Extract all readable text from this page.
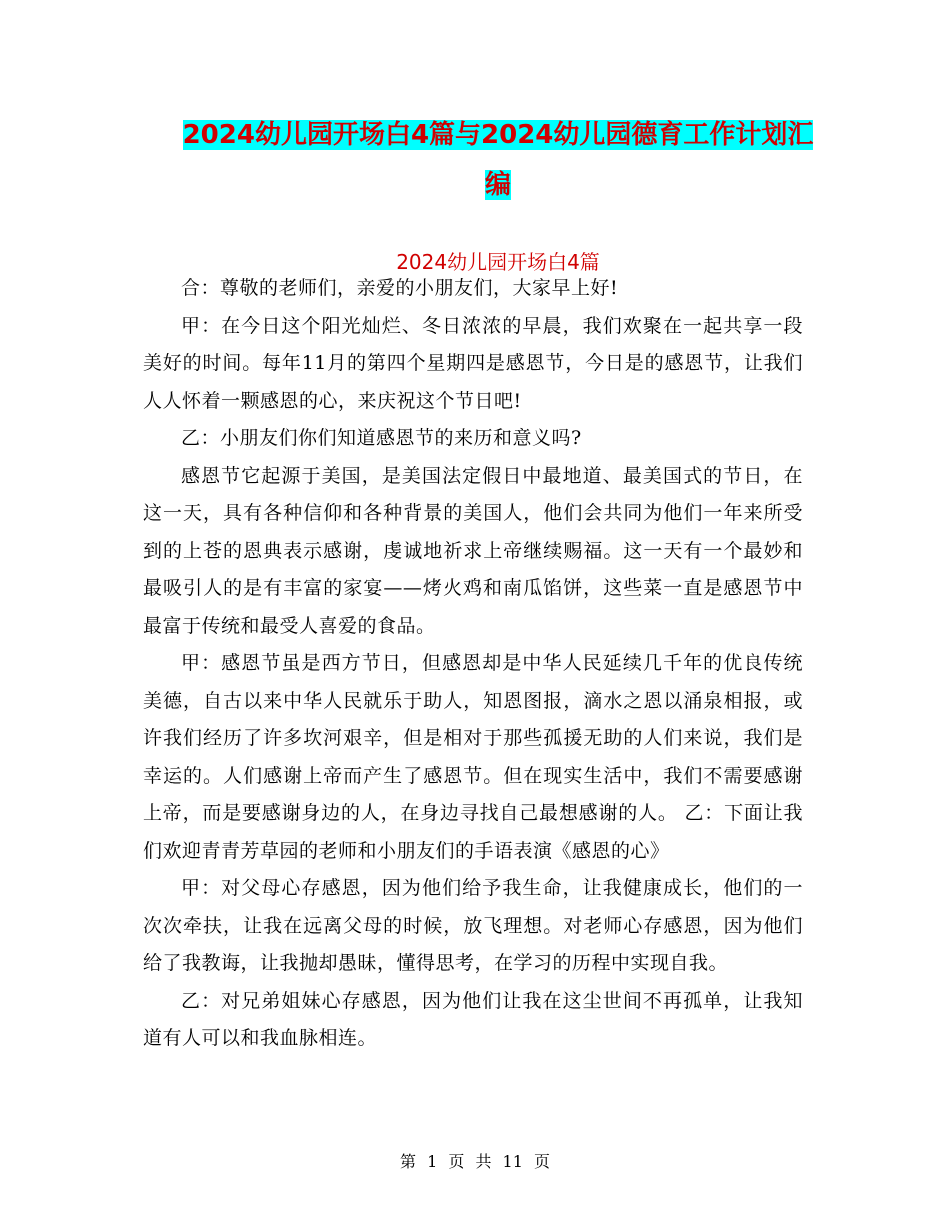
2024幼儿园开场白4篇与2024幼儿园德育工作计划汇
编
2024幼儿园开场白4篇

合：尊敬的老师们，亲爱的小朋友们，大家早上好!

甲：在今日这个阳光灿烂、冬日浓浓的早晨，我们欢聚在一起共享一段美好的时间。每年11月的第四个星期四是感恩节，今日是的感恩节，让我们人人怀着一颗感恩的心，来庆祝这个节日吧!

乙：小朋友们你们知道感恩节的来历和意义吗?

感恩节它起源于美国，是美国法定假日中最地道、最美国式的节日，在这一天，具有各种信仰和各种背景的美国人，他们会共同为他们一年来所受到的上苍的恩典表示感谢，虔诚地祈求上帝继续赐福。这一天有一个最妙和最吸引人的是有丰富的家宴——烤火鸡和南瓜馅饼，这些菜一直是感恩节中最富于传统和最受人喜爱的食品。

甲：感恩节虽是西方节日，但感恩却是中华人民延续几千年的优良传统美德，自古以来中华人民就乐于助人，知恩图报，滴水之恩以涌泉相报，或许我们经历了许多坎河艰辛，但是相对于那些孤援无助的人们来说，我们是幸运的。人们感谢上帝而产生了感恩节。但在现实生活中，我们不需要感谢上帝，而是要感谢身边的人，在身边寻找自己最想感谢的人。 乙：下面让我们欢迎青青芳草园的老师和小朋友们的手语表演《感恩的心》

甲：对父母心存感恩，因为他们给予我生命，让我健康成长，他们的一次次牵扶，让我在远离父母的时候，放飞理想。对老师心存感恩，因为他们给了我教诲，让我抛却愚昧，懂得思考，在学习的历程中实现自我。

乙：对兄弟姐妹心存感恩，因为他们让我在这尘世间不再孤单，让我知道有人可以和我血脉相连。

第 1 页 共 11 页
